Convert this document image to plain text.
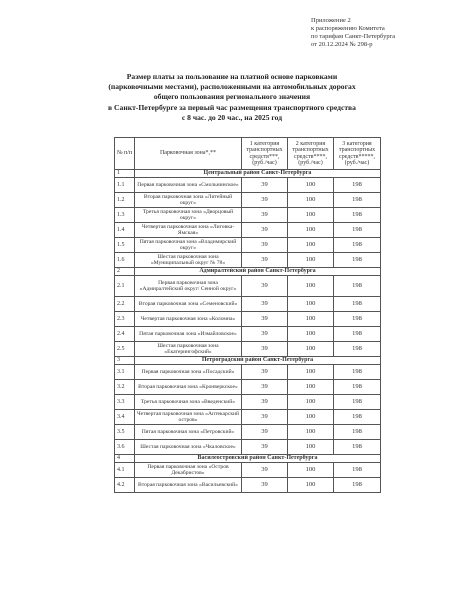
Приложение 2
к распоряжению Комитета
по тарифам Санкт-Петербурга
от 20.12.2024 № 298-р
Размер платы за пользование на платной основе парковками
(парковочными местами), расположенными на автомобильных дорогах
общего пользования регионального значения
в Санкт-Петербурге за первый час размещения транспортного средства
с 8 час. до 20 час., на 2025 год
№ п/п	Парковочная зона*,**	1 категория транспортных средств***, (руб./час)	2 категория транспортных средств****, (руб./час)	3 категория транспортных средств*****, (руб./час)
1	Центральный район Санкт-Петербурга			
1.1	Первая парковочная зона «Смольнинское»	39	100	198
1.2	Вторая парковочная зона «Литейный округ»	39	100	198
1.3	Третья парковочная зона «Дворцовый округ»	39	100	198
1.4	Четвертая парковочная зона «Лиговка-Ямская»	39	100	198
1.5	Пятая парковочная зона «Владимирский округ»	39	100	198
1.6	Шестая парковочная зона «Муниципальный округ № 78»	39	100	198
2	Адмиралтейский район Санкт-Петербурга			
2.1	Первая парковочная зона «Адмиралтейский округ/ Сенной округ»	39	100	198
2.2	Вторая парковочная зона «Семеновский»	39	100	198
2.3	Четвертая парковочная зона «Коломна»	39	100	198
2.4	Пятая парковочная зона «Измайловское»	39	100	198
2.5	Шестая парковочная зона «Екатерингофский»	39	100	198
3	Петроградский район Санкт-Петербурга			
3.1	Первая парковочная зона «Посадский»	39	100	198
3.2	Вторая парковочная зона «Кронверкское»	39	100	198
3.3	Третья парковочная зона «Введенский»	39	100	198
3.4	Четвертая парковочная зона «Аптекарский остров»	39	100	198
3.5	Пятая парковочная зона «Петровский»	39	100	198
3.6	Шестая парковочная зона «Чкаловское»	39	100	198
4	Василеостровский район Санкт-Петербурга			
4.1	Первая парковочная зона «Остров Декабристов»	39	100	198
4.2	Вторая парковочная зона «Васильевский»	39	100	198
